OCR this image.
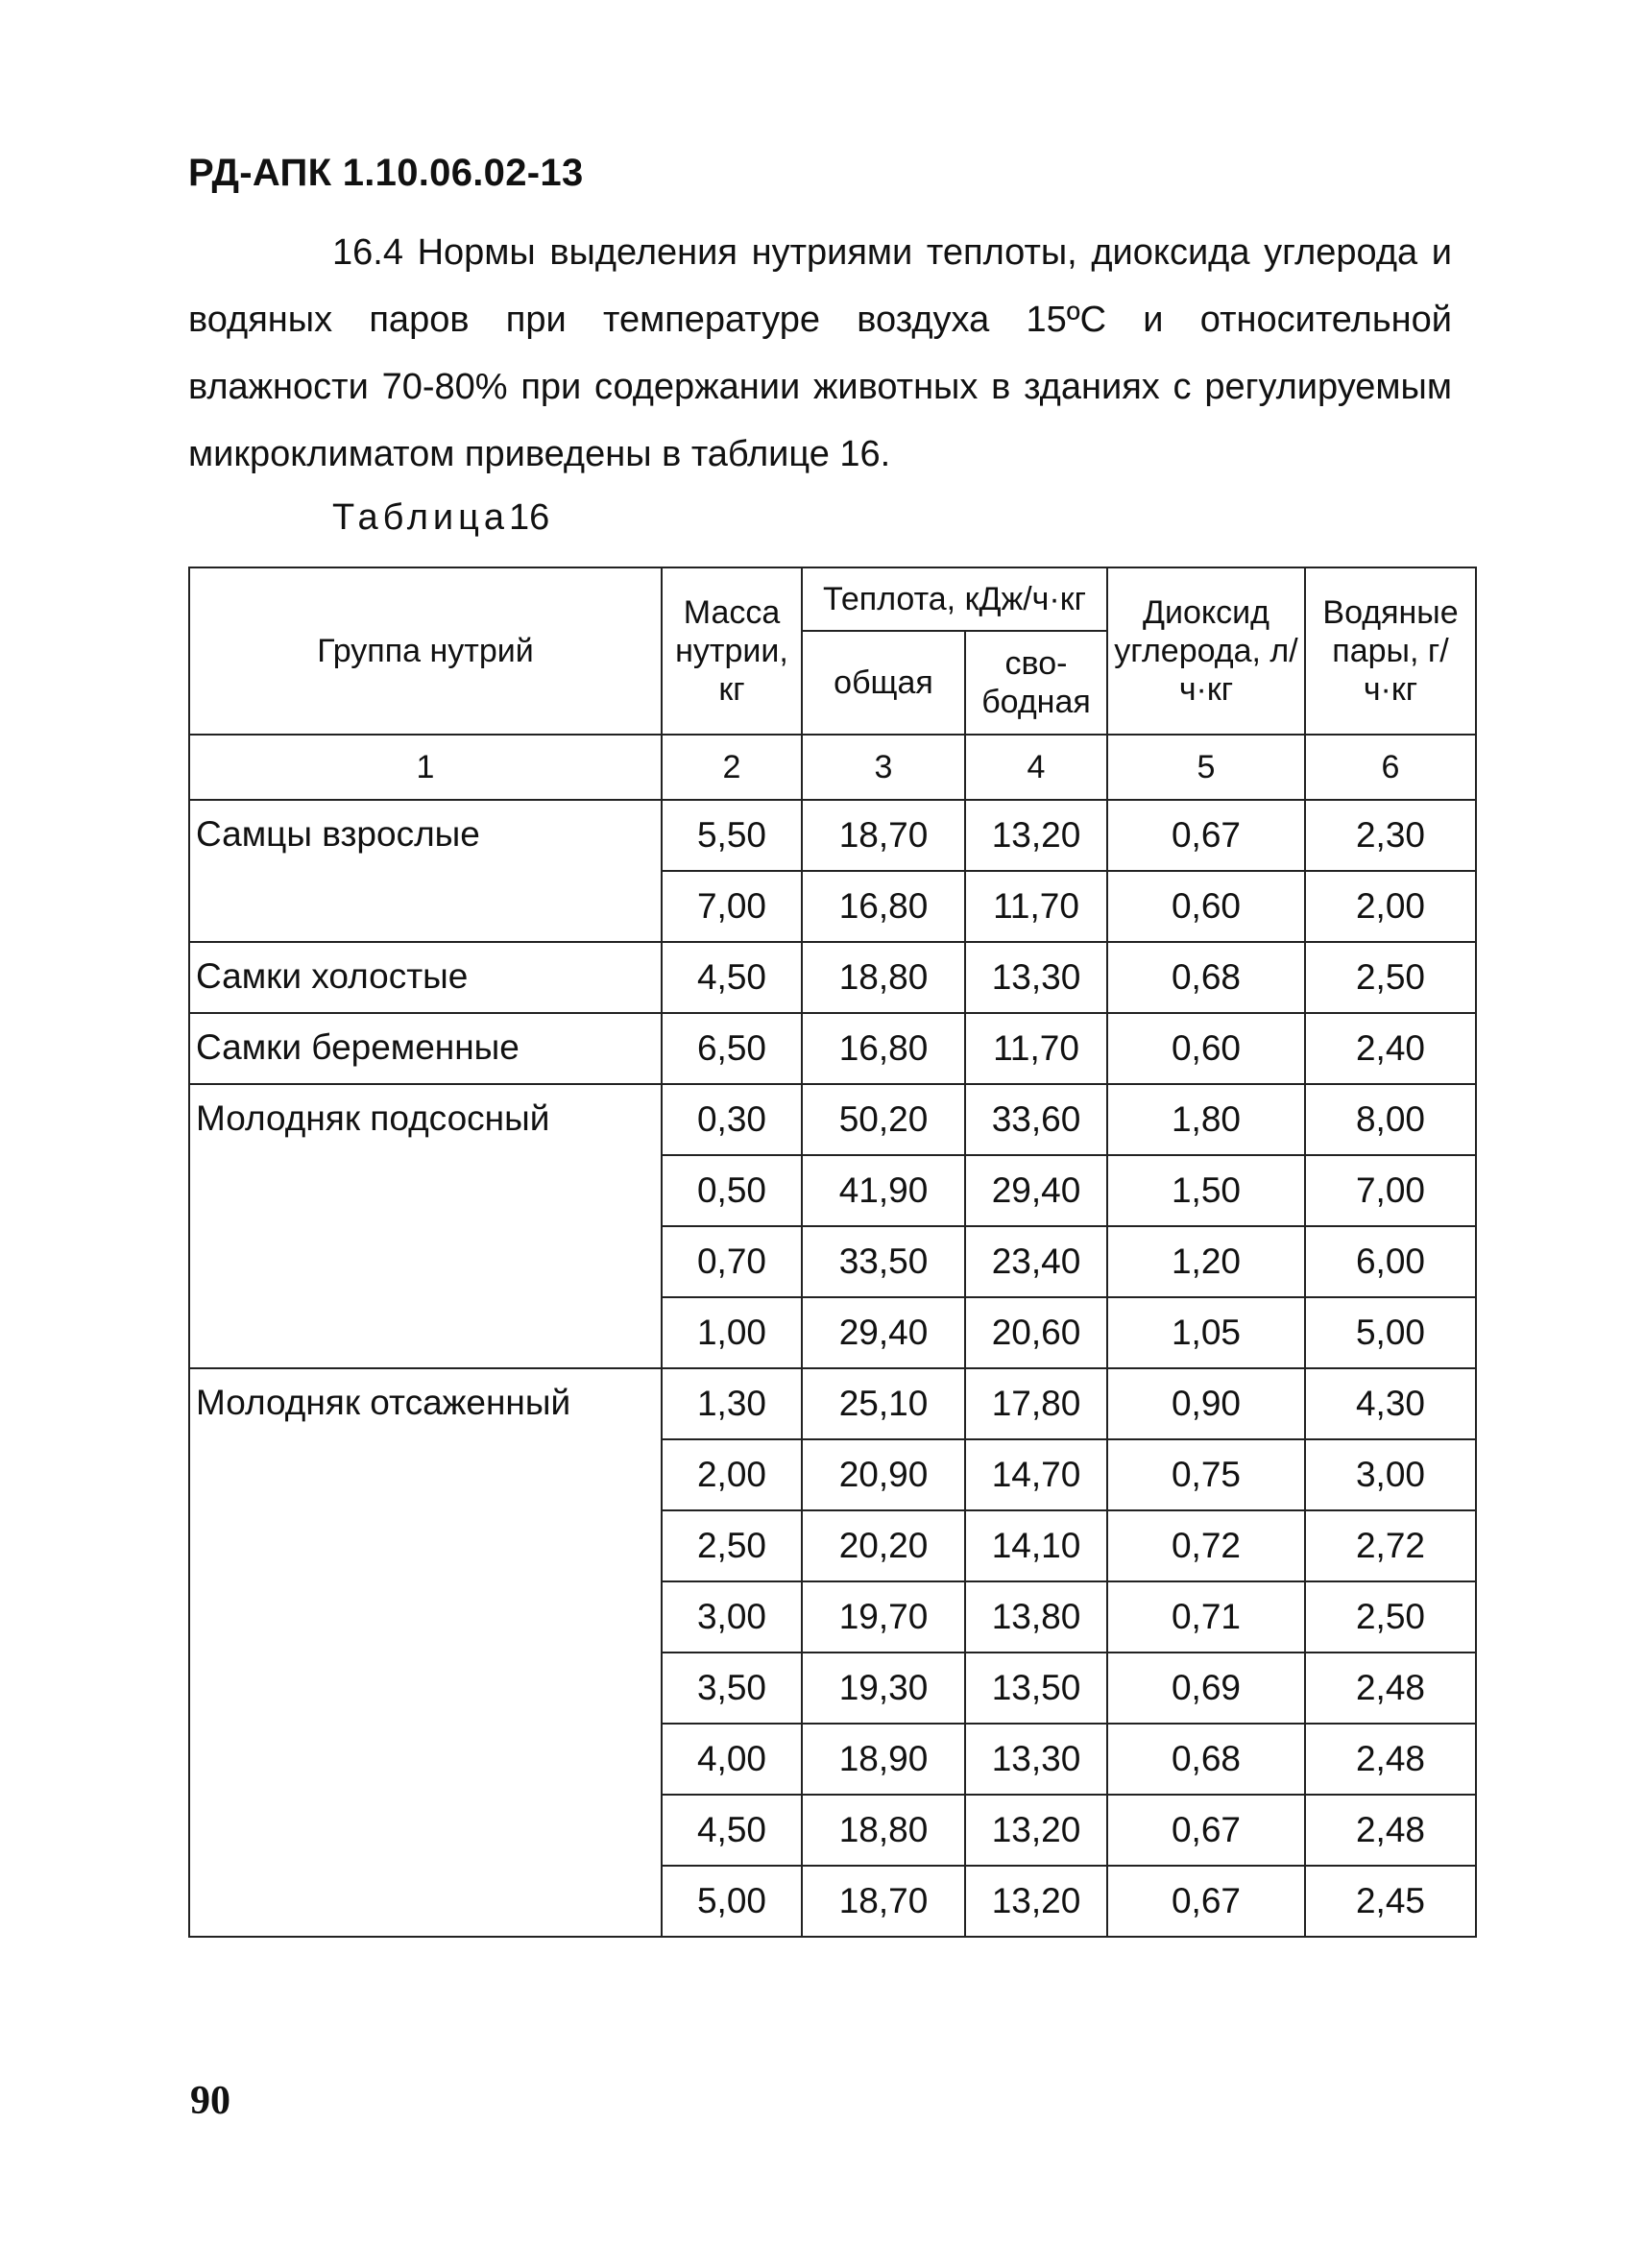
РД-АПК 1.10.06.02-13

16.4 Нормы выделения нутриями теплоты, диоксида углерода и водяных паров при температуре воздуха 15ºС и относительной влажности 70-80% при содержании животных в зданиях с регулируемым микроклиматом приведены в таблице 16.

Таблица16
Группа нутрий	Масса нутрии, кг	Теплота, кДж/ч·кг		Диоксид углерода, л/ч·кг	Водяные пары, г/ч·кг
		общая	сво-бодная		
1	2	3	4	5	6
Самцы взрослые	5,50	18,70	13,20	0,67	2,30
	7,00	16,80	11,70	0,60	2,00
Самки холостые	4,50	18,80	13,30	0,68	2,50
Самки беременные	6,50	16,80	11,70	0,60	2,40
Молодняк подсосный	0,30	50,20	33,60	1,80	8,00
	0,50	41,90	29,40	1,50	7,00
	0,70	33,50	23,40	1,20	6,00
	1,00	29,40	20,60	1,05	5,00
Молодняк отсаженный	1,30	25,10	17,80	0,90	4,30
	2,00	20,90	14,70	0,75	3,00
	2,50	20,20	14,10	0,72	2,72
	3,00	19,70	13,80	0,71	2,50
	3,50	19,30	13,50	0,69	2,48
	4,00	18,90	13,30	0,68	2,48
	4,50	18,80	13,20	0,67	2,48
	5,00	18,70	13,20	0,67	2,45
90
